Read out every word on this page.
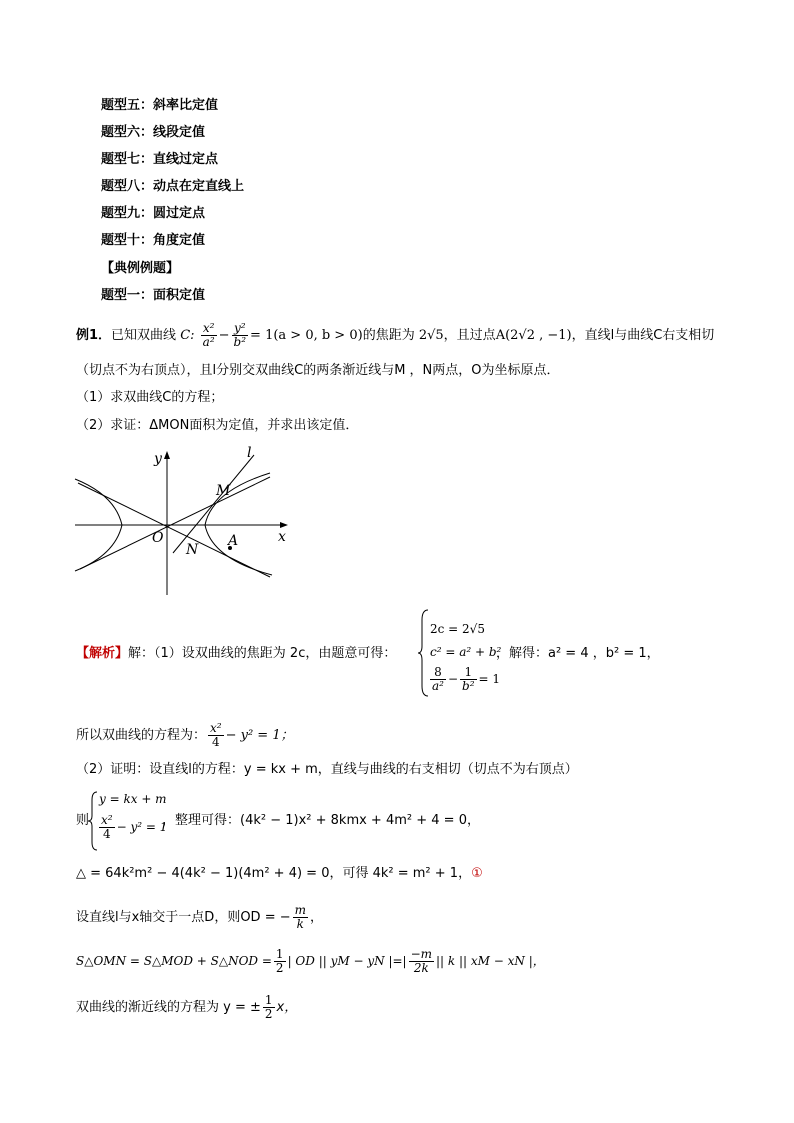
题型五：斜率比定值
题型六：线段定值
题型七：直线过定点
题型八：动点在定直线上
题型九：圆过定点
题型十：角度定值
【典例例题】
题型一：面积定值
例1．已知双曲线 C: $\frac{\text{x²}}{\text{a²}} - \frac{\text{y²}}{\text{b²}} = 1(a > 0$, b > 0)的焦距为 2√5，且过点A(2√2 , −1)，直线l与曲线C右支相切
（切点不为右顶点），且l分别交双曲线C的两条渐近线与M ，N两点，O为坐标原点．
（1）求双曲线C的方程；
（2）求证：ΔMON面积为定值，并求出该定值．
y
x
l
M
O
N
A
【解析】解：（1）设双曲线的焦距为 2c，由题意可得：
2c = 2√5
c² = a² + b²
$\frac{8}{\text{a²}} - \frac{1}{\text{b²}} = 1$
，解得：a² = 4 ，b² = 1，
所以双曲线的方程为： $\frac{\text{x²}}{4} - y^2 = 1$；
（2）证明：设直线l的方程：y = kx + m，直线与曲线的右支相切（切点不为右顶点）
则
y = kx + m
$\frac{\text{x²}}{4} - y^2 = 1$
，整理可得：(4k² − 1)x² + 8kmx + 4m² + 4 = 0，
△ = 64k²m² − 4(4k² − 1)(4m² + 4) = 0，可得 4k² = m² + 1，①
设直线l与x轴交于一点D，则OD = − $\frac{m}{k}$ ，
S△OMN = S△MOD + S△NOD = $\frac{1}{2}$ | OD || yM − yN |=| $\frac{-m}{2k}$ || k || xM − xN |，
双曲线的渐近线的方程为 y = ± $\frac{1}{2}$ x，
